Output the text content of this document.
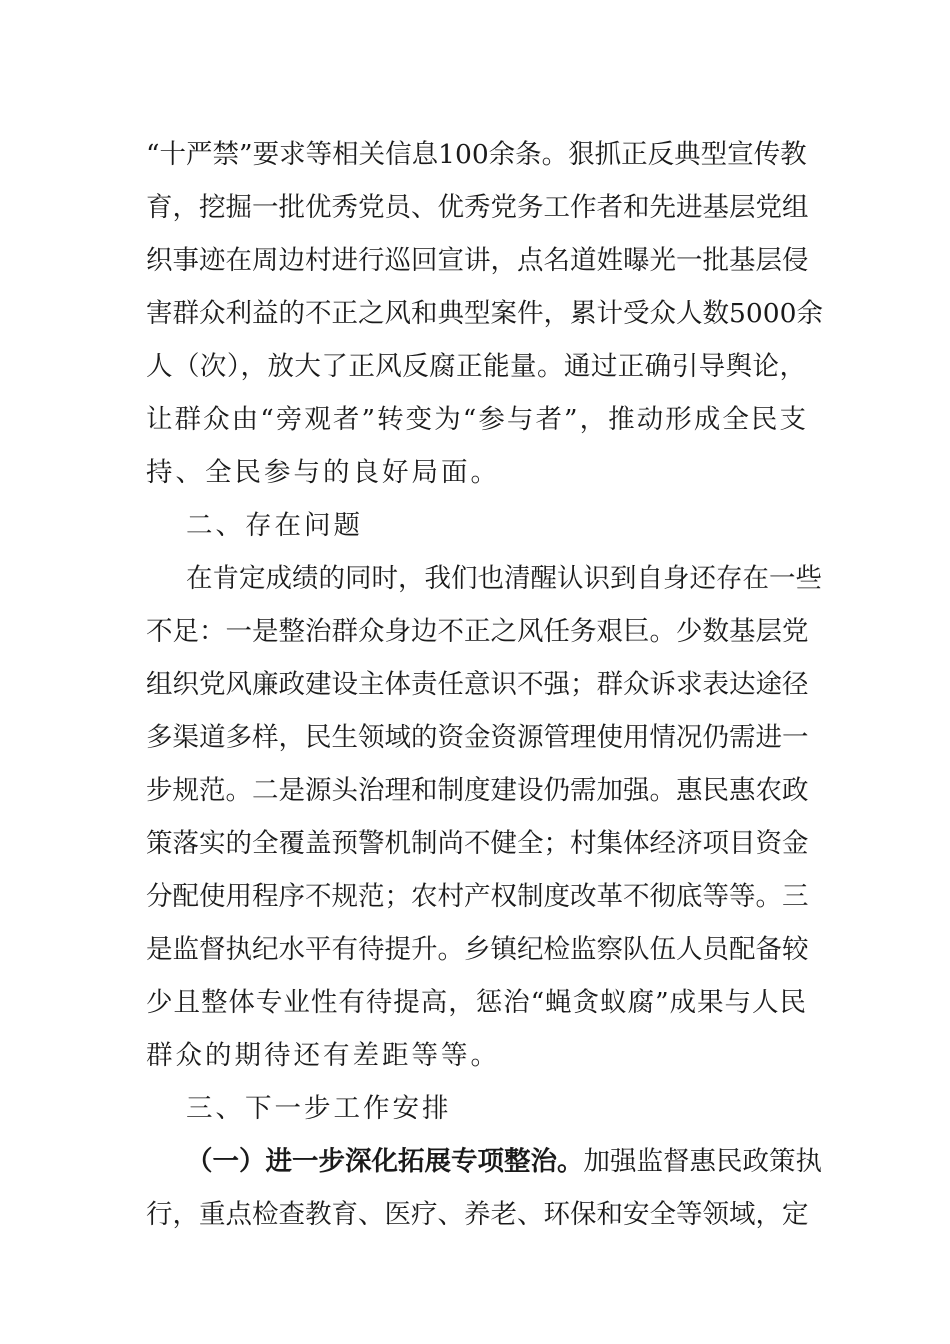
“十严禁”要求等相关信息100余条。狠抓正反典型宣传教
育，挖掘一批优秀党员、优秀党务工作者和先进基层党组
织事迹在周边村进行巡回宣讲，点名道姓曝光一批基层侵
害群众利益的不正之风和典型案件，累计受众人数5000余
人（次），放大了正风反腐正能量。通过正确引导舆论，
让群众由“旁观者”转变为“参与者”，推动形成全民支
持、全民参与的良好局面。
二、存在问题
在肯定成绩的同时，我们也清醒认识到自身还存在一些
不足：一是整治群众身边不正之风任务艰巨。少数基层党
组织党风廉政建设主体责任意识不强；群众诉求表达途径
多渠道多样，民生领域的资金资源管理使用情况仍需进一
步规范。二是源头治理和制度建设仍需加强。惠民惠农政
策落实的全覆盖预警机制尚不健全；村集体经济项目资金
分配使用程序不规范；农村产权制度改革不彻底等等。三
是监督执纪水平有待提升。乡镇纪检监察队伍人员配备较
少且整体专业性有待提高，惩治“蝇贪蚁腐”成果与人民
群众的期待还有差距等等。
三、下一步工作安排
（一）进一步深化拓展专项整治。加强监督惠民政策执
行，重点检查教育、医疗、养老、环保和安全等领域，定
